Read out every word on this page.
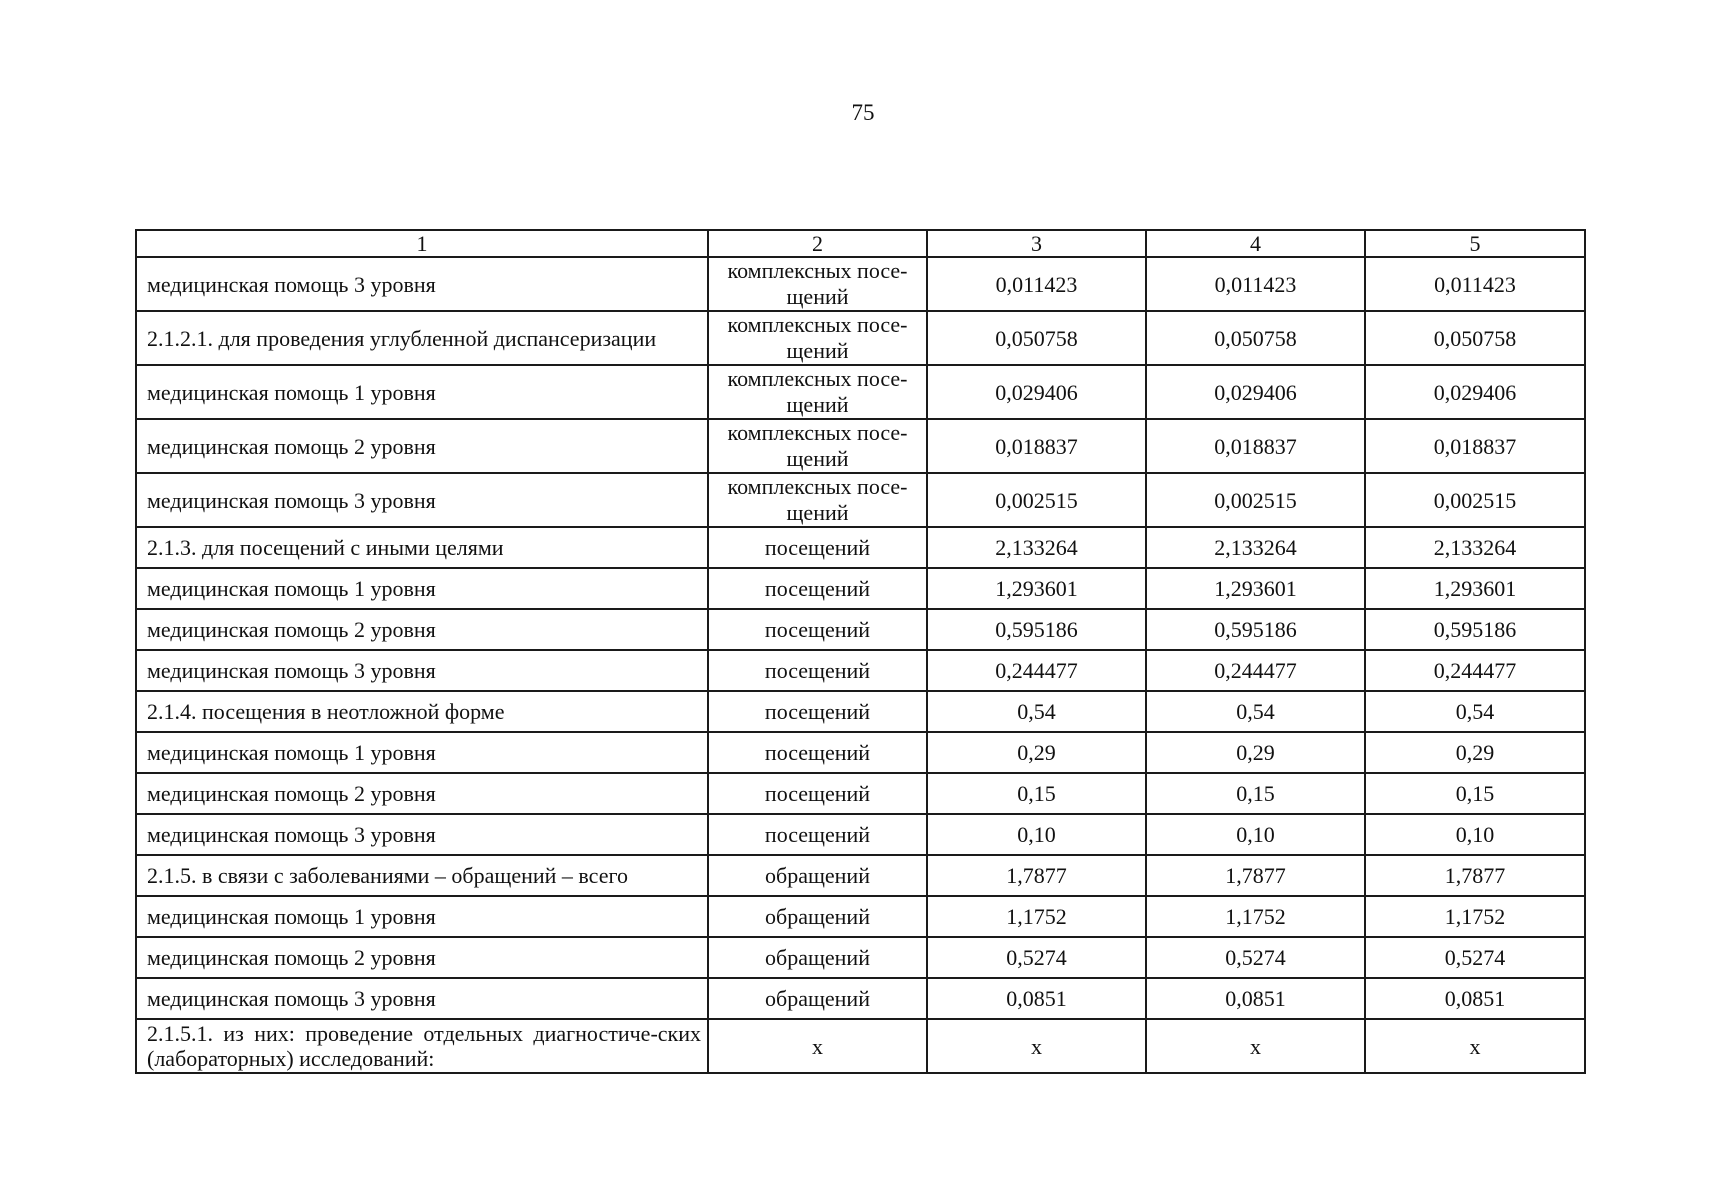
75
1	2	3	4	5
медицинская помощь 3 уровня	комплексных посе-щений	0,011423	0,011423	0,011423
2.1.2.1. для проведения углубленной диспансеризации	комплексных посе-щений	0,050758	0,050758	0,050758
медицинская помощь 1 уровня	комплексных посе-щений	0,029406	0,029406	0,029406
медицинская помощь 2 уровня	комплексных посе-щений	0,018837	0,018837	0,018837
медицинская помощь 3 уровня	комплексных посе-щений	0,002515	0,002515	0,002515
2.1.3. для посещений с иными целями	посещений	2,133264	2,133264	2,133264
медицинская помощь 1 уровня	посещений	1,293601	1,293601	1,293601
медицинская помощь 2 уровня	посещений	0,595186	0,595186	0,595186
медицинская помощь 3 уровня	посещений	0,244477	0,244477	0,244477
2.1.4. посещения в неотложной форме	посещений	0,54	0,54	0,54
медицинская помощь 1 уровня	посещений	0,29	0,29	0,29
медицинская помощь 2 уровня	посещений	0,15	0,15	0,15
медицинская помощь 3 уровня	посещений	0,10	0,10	0,10
2.1.5. в связи с заболеваниями – обращений – всего	обращений	1,7877	1,7877	1,7877
медицинская помощь 1 уровня	обращений	1,1752	1,1752	1,1752
медицинская помощь 2 уровня	обращений	0,5274	0,5274	0,5274
медицинская помощь 3 уровня	обращений	0,0851	0,0851	0,0851
2.1.5.1. из них: проведение отдельных диагностиче-ских (лабораторных) исследований:	х	х	х	х
